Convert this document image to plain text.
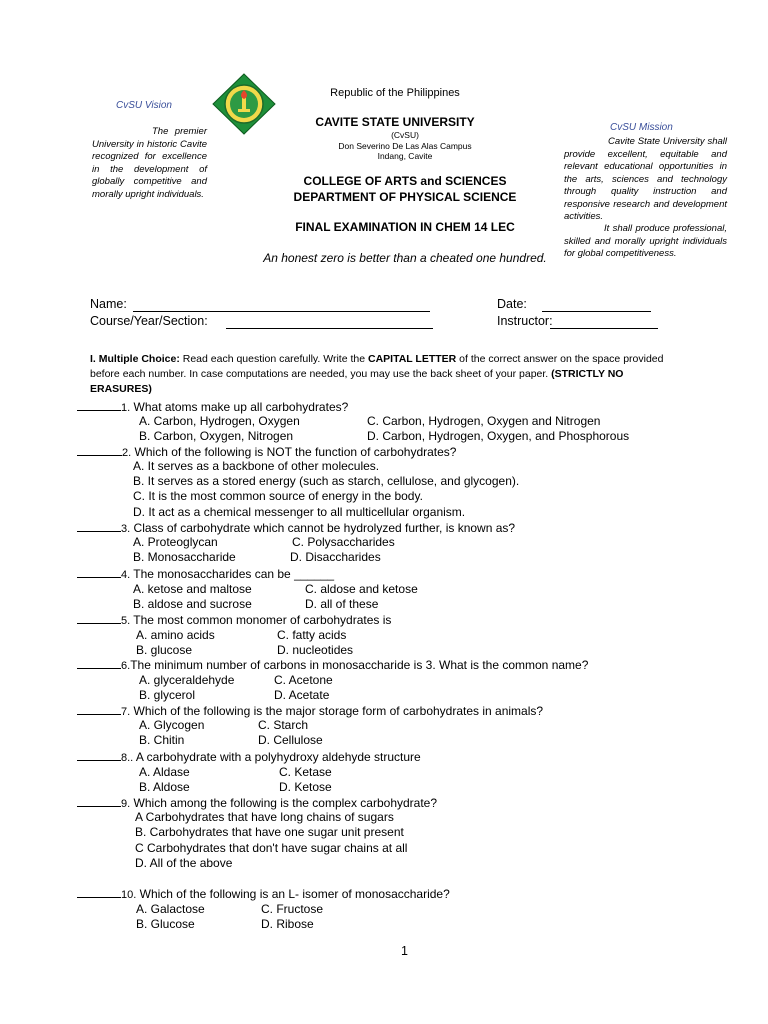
CvSU Vision
The premier University in historic Cavite recognized for excellence in the development of globally competitive and morally upright individuals.
Republic of the Philippines
CAVITE STATE UNIVERSITY
(CvSU)
Don Severino De Las Alas Campus
Indang, Cavite
COLLEGE OF ARTS and SCIENCES
DEPARTMENT OF PHYSICAL SCIENCE
FINAL EXAMINATION IN CHEM 14 LEC
An honest zero is better than a cheated one hundred.
CvSU Mission
Cavite State University shall provide excellent, equitable and relevant educational opportunities in the arts, sciences and technology through quality instruction and responsive research and development activities.
It shall produce professional, skilled and morally upright individuals for global competitiveness.
Name:	Date:
Course/Year/Section:	Instructor:
I. Multiple Choice: Read each question carefully. Write the CAPITAL LETTER of the correct answer on the space provided before each number. In case computations are needed, you may use the back sheet of your paper. (STRICTLY NO ERASURES)
1. What atoms make up all carbohydrates?
A. Carbon, Hydrogen, Oxygen	C. Carbon, Hydrogen, Oxygen and Nitrogen
B. Carbon, Oxygen, Nitrogen	D. Carbon, Hydrogen, Oxygen, and Phosphorous
2. Which of the following is NOT the function of carbohydrates?
A. It serves as a backbone of other molecules.
B. It serves as a stored energy (such as starch, cellulose, and glycogen).
C. It is the most common source of energy in the body.
D. It act as a chemical messenger to all multicellular organism.
3. Class of carbohydrate which cannot be hydrolyzed further, is known as?
A. Proteoglycan	C. Polysaccharides
B. Monosaccharide	D. Disaccharides
4. The monosaccharides can be ______
A. ketose and maltose	C. aldose and ketose
B. aldose and sucrose	D. all of these
5. The most common monomer of carbohydrates is
A. amino acids	C. fatty acids
B. glucose	D. nucleotides
6.The minimum number of carbons in monosaccharide is 3. What is the common name?
A. glyceraldehyde	C. Acetone
B. glycerol	D. Acetate
7. Which of the following is the major storage form of carbohydrates in animals?
A. Glycogen	C. Starch
B. Chitin	D. Cellulose
8.. A carbohydrate with a polyhydroxy aldehyde structure
A. Aldase	C. Ketase
B. Aldose	D. Ketose
9. Which among the following is the complex carbohydrate?
A Carbohydrates that have long chains of sugars
B. Carbohydrates that have one sugar unit present
C Carbohydrates that don't have sugar chains at all
D. All of the above
10. Which of the following is an L- isomer of monosaccharide?
A. Galactose	C. Fructose
B. Glucose	D. Ribose
1
